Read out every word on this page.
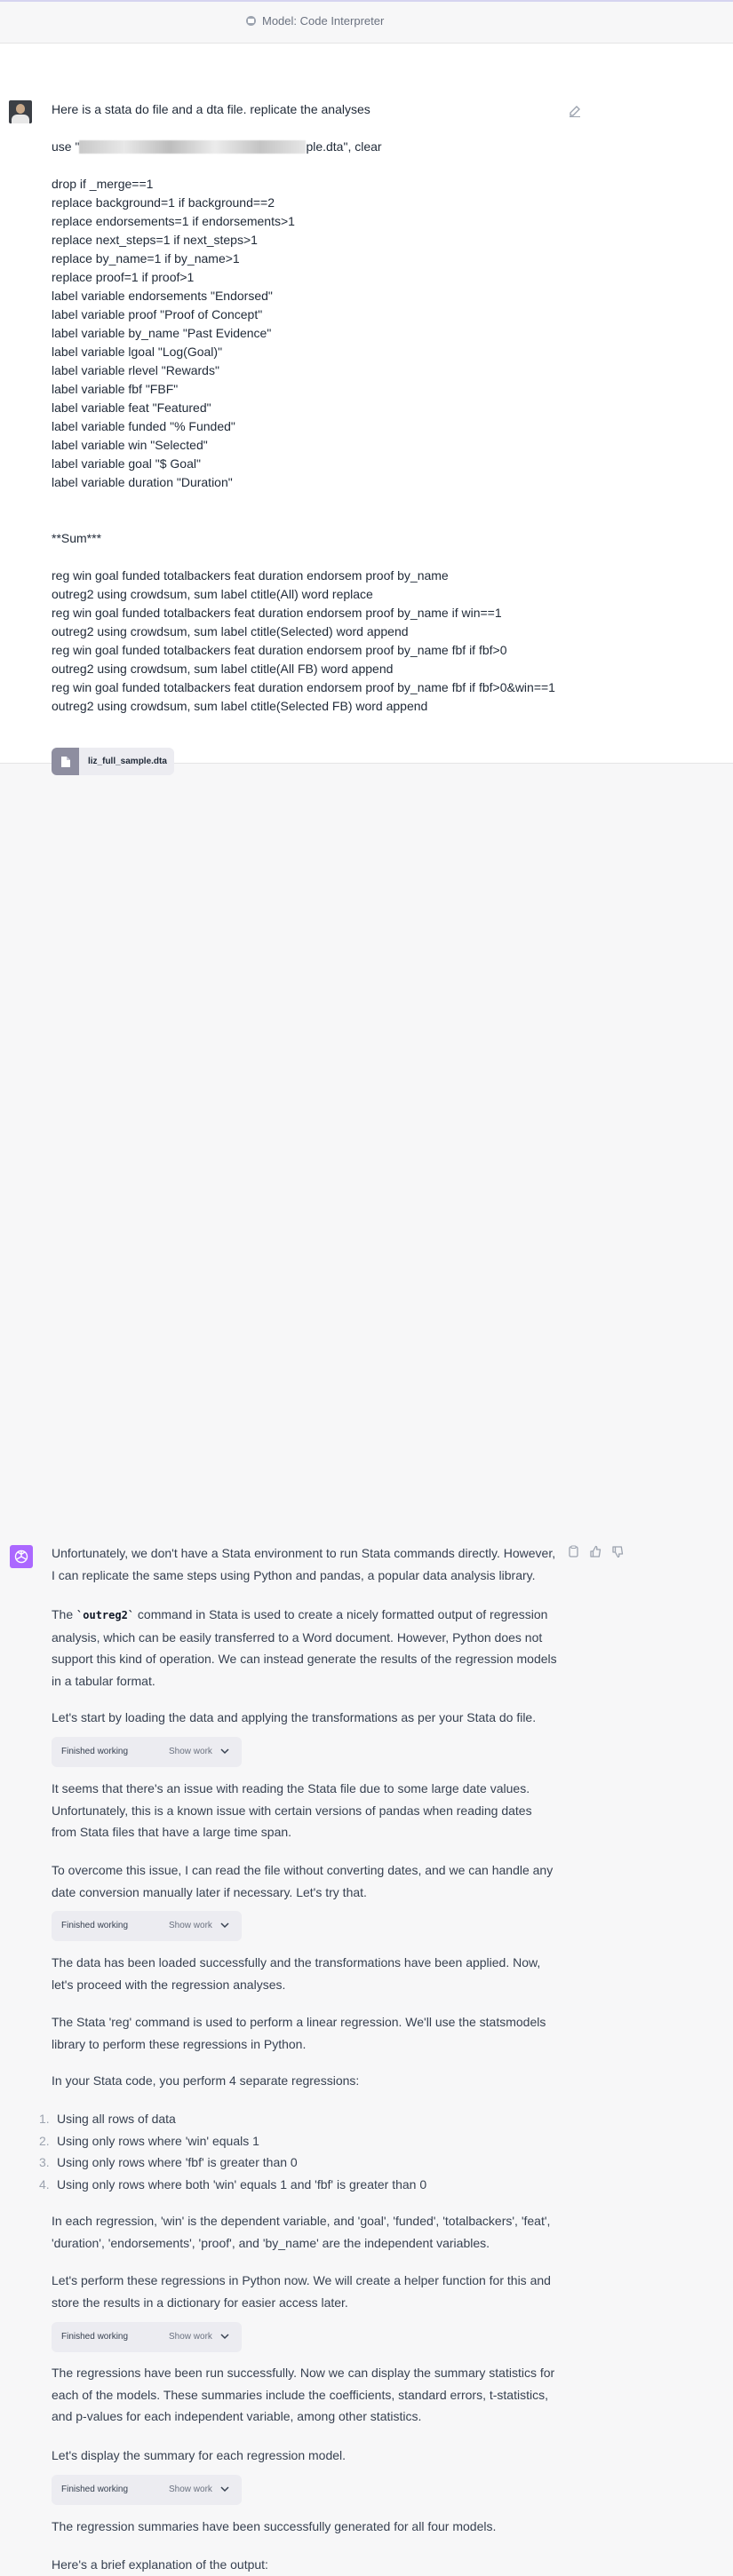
Model: Code Interpreter
Here is a stata do file and a dta file. replicate the analyses
use "	ple.dta", clear
drop if _merge==1
replace background=1 if background==2
replace endorsements=1 if endorsements>1
replace next_steps=1 if next_steps>1
replace by_name=1 if by_name>1
replace proof=1 if proof>1
label variable endorsements "Endorsed"
label variable proof "Proof of Concept"
label variable by_name "Past Evidence"
label variable lgoal "Log(Goal)"
label variable rlevel "Rewards"
label variable fbf "FBF"
label variable feat "Featured"
label variable funded "% Funded"
label variable win "Selected"
label variable goal "$ Goal"
label variable duration "Duration"
**Sum***
reg win goal funded totalbackers feat duration endorsem proof by_name
outreg2 using crowdsum, sum label ctitle(All) word replace
reg win goal funded totalbackers feat duration endorsem proof by_name if win==1
outreg2 using crowdsum, sum label ctitle(Selected) word append
reg win goal funded totalbackers feat duration endorsem proof by_name fbf if fbf>0
outreg2 using crowdsum, sum label ctitle(All FB) word append
reg win goal funded totalbackers feat duration endorsem proof by_name fbf if fbf>0&win==1
outreg2 using crowdsum, sum label ctitle(Selected FB) word append
liz_full_sample.dta
Unfortunately, we don't have a Stata environment to run Stata commands directly. However, I can replicate the same steps using Python and pandas, a popular data analysis library.
The `outreg2` command in Stata is used to create a nicely formatted output of regression analysis, which can be easily transferred to a Word document. However, Python does not support this kind of operation. We can instead generate the results of the regression models in a tabular format.
Let's start by loading the data and applying the transformations as per your Stata do file.
Finished working	Show work
It seems that there's an issue with reading the Stata file due to some large date values. Unfortunately, this is a known issue with certain versions of pandas when reading dates from Stata files that have a large time span.
To overcome this issue, I can read the file without converting dates, and we can handle any date conversion manually later if necessary. Let's try that.
Finished working	Show work
The data has been loaded successfully and the transformations have been applied. Now, let's proceed with the regression analyses.
The Stata 'reg' command is used to perform a linear regression. We'll use the statsmodels library to perform these regressions in Python.
In your Stata code, you perform 4 separate regressions:
1. Using all rows of data
2. Using only rows where 'win' equals 1
3. Using only rows where 'fbf' is greater than 0
4. Using only rows where both 'win' equals 1 and 'fbf' is greater than 0
In each regression, 'win' is the dependent variable, and 'goal', 'funded', 'totalbackers', 'feat', 'duration', 'endorsements', 'proof', and 'by_name' are the independent variables.
Let's perform these regressions in Python now. We will create a helper function for this and store the results in a dictionary for easier access later.
Finished working	Show work
The regressions have been run successfully. Now we can display the summary statistics for each of the models. These summaries include the coefficients, standard errors, t-statistics, and p-values for each independent variable, among other statistics.
Let's display the summary for each regression model.
Finished working	Show work
The regression summaries have been successfully generated for all four models.
Here's a brief explanation of the output:
